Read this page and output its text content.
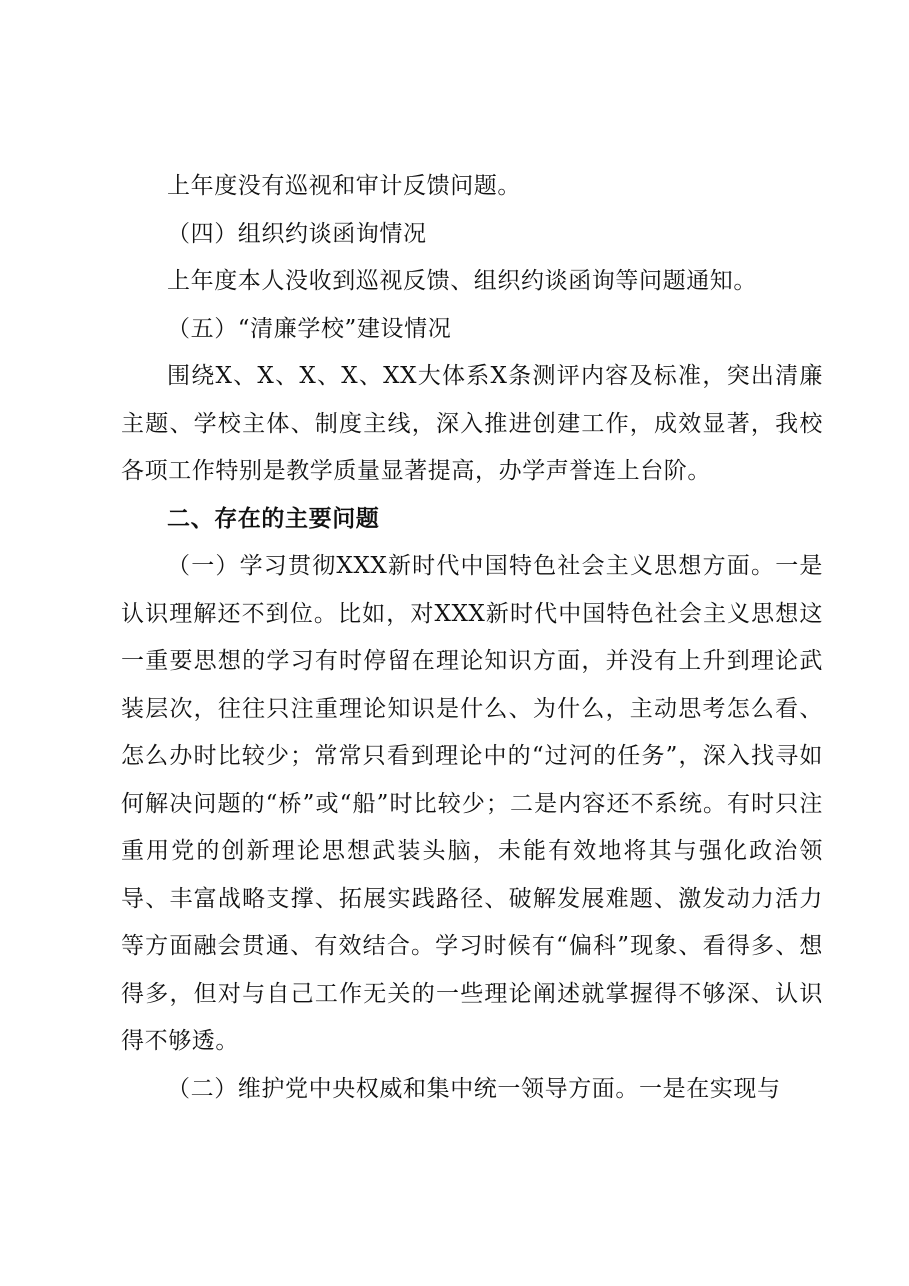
上年度没有巡视和审计反馈问题。

（四）组织约谈函询情况

上年度本人没收到巡视反馈、组织约谈函询等问题通知。

（五）“清廉学校”建设情况

围绕X、X、X、X、XX大体系X条测评内容及标准，突出清廉主题、学校主体、制度主线，深入推进创建工作，成效显著，我校各项工作特别是教学质量显著提高，办学声誉连上台阶。

二、存在的主要问题

（一）学习贯彻XXX新时代中国特色社会主义思想方面。一是认识理解还不到位。比如，对XXX新时代中国特色社会主义思想这一重要思想的学习有时停留在理论知识方面，并没有上升到理论武装层次，往往只注重理论知识是什么、为什么，主动思考怎么看、怎么办时比较少；常常只看到理论中的“过河的任务”，深入找寻如何解决问题的“桥”或“船”时比较少；二是内容还不系统。有时只注重用党的创新理论思想武装头脑，未能有效地将其与强化政治领导、丰富战略支撑、拓展实践路径、破解发展难题、激发动力活力等方面融会贯通、有效结合。学习时候有“偏科”现象、看得多、想得多，但对与自己工作无关的一些理论阐述就掌握得不够深、认识得不够透。

（二）维护党中央权威和集中统一领导方面。一是在实现与
